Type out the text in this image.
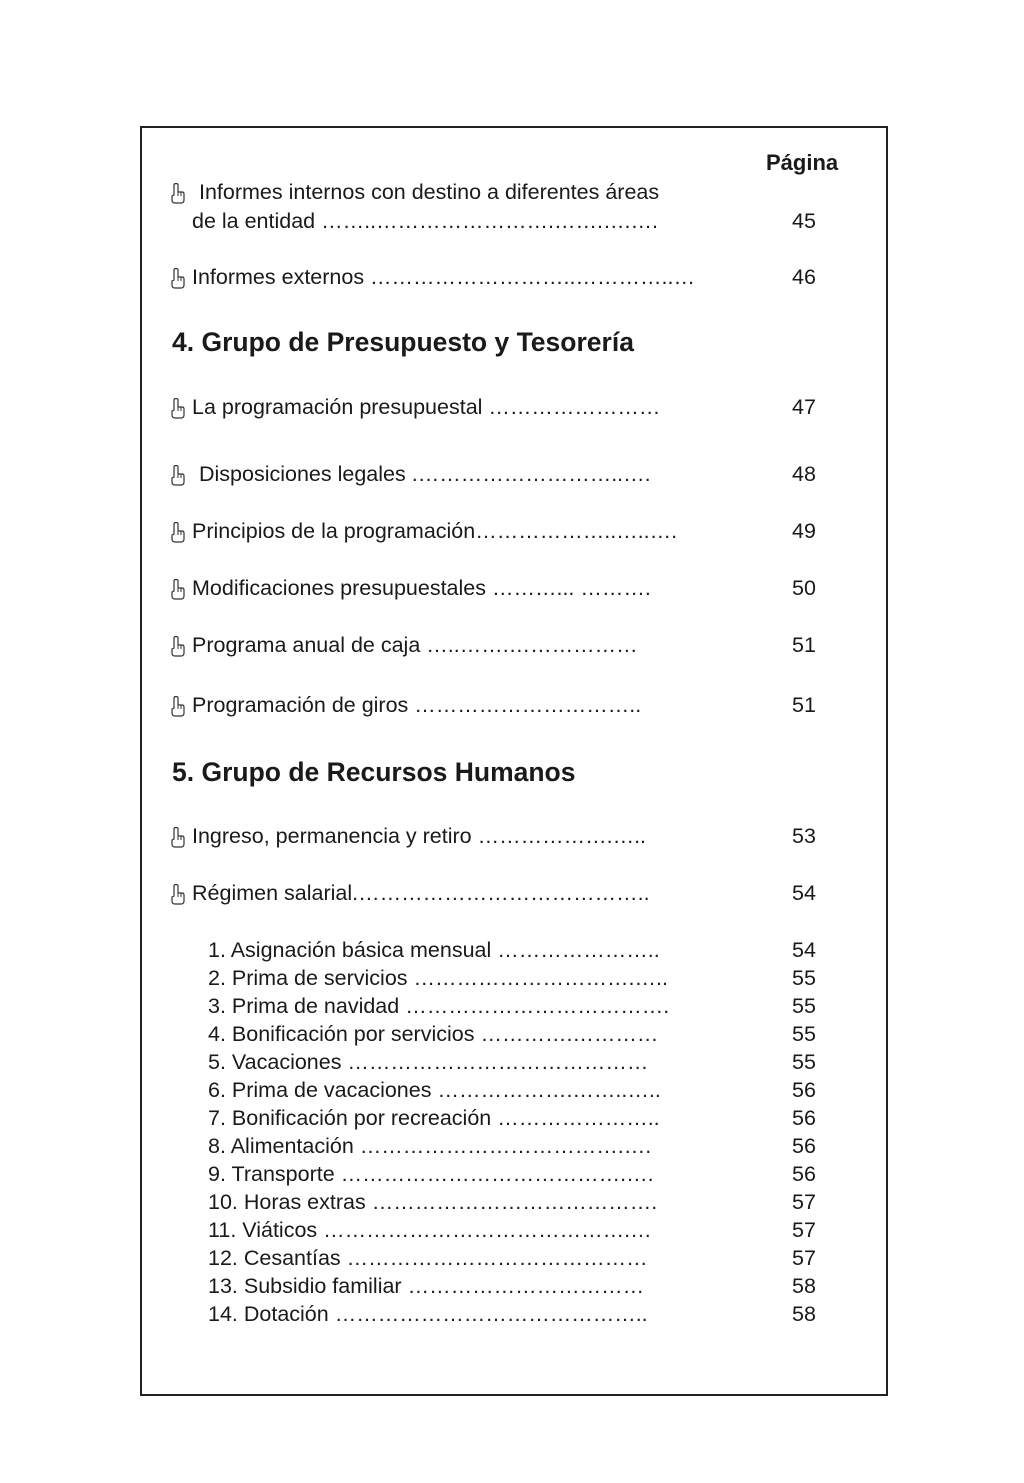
Página
Informes internos con destino a diferentes áreas
de la entidad ……..…………………….…….….….	45
Informes externos ………………………..…………..…	46
4. Grupo de Presupuesto y Tesorería
La programación presupuestal ……………………	47
Disposiciones legales .………………………..….	48
Principios de la programación………………..…..….	49
Modificaciones presupuestales ………... ……….	50
Programa anual de caja …..…….………………	51
Programación de giros …………………………..	51
5. Grupo de Recursos Humanos
Ingreso, permanencia y retiro ……………….…..	53
Régimen salarial.…………………………………..	54
1. Asignación básica mensual …………………..	54
2. Prima de servicios ………………………….…..	55
3. Prima de navidad ……………………………….	55
4. Bonificación por servicios ………….…………	55
5. Vacaciones ……………………………………	55
6. Prima de vacaciones ……………….……..…..	56
7. Bonificación por recreación …………………..	56
8. Alimentación ……………………………….….	56
9. Transporte ………………………………….….	56
10. Horas extras ………………………………….	57
11. Viáticos …………………………………….…	57
12. Cesantías ……………………………………	57
13. Subsidio familiar ……………………………	58
14. Dotación ……………………………………..	58
